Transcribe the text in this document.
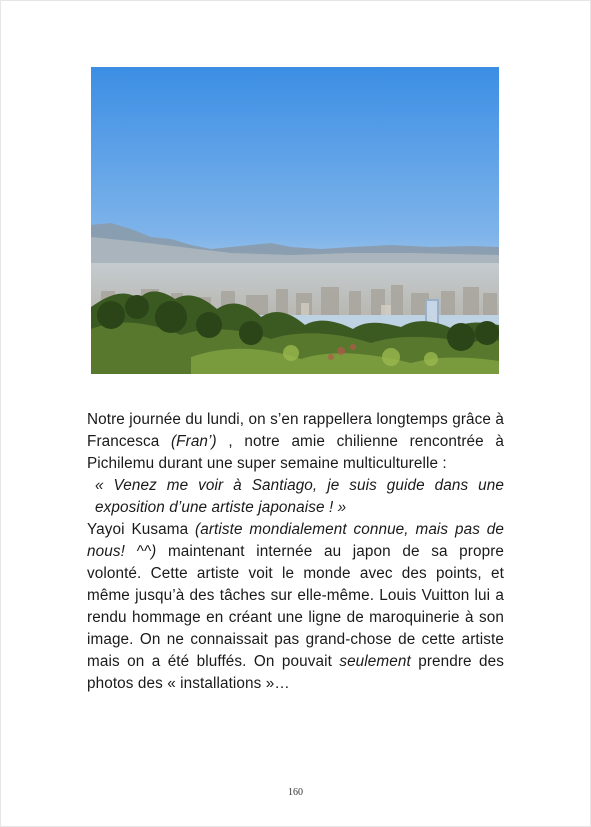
Notre journée du lundi, on s’en rappellera longtemps grâce à Francesca (Fran’) , notre amie chilienne rencontrée à Pichilemu durant une super semaine multiculturelle :

« Venez me voir à Santiago, je suis guide dans une exposition d’une artiste japonaise ! »

Yayoi Kusama (artiste mondialement connue, mais pas de nous! ^^) maintenant internée au japon de sa propre volonté. Cette artiste voit le monde avec des points, et même jusqu’à des tâches sur elle-même. Louis Vuitton lui a rendu hommage en créant une ligne de maroquinerie à son image. On ne connaissait pas grand-chose de cette artiste mais on a été bluffés. On pouvait seulement prendre des photos des « installations »…

160
